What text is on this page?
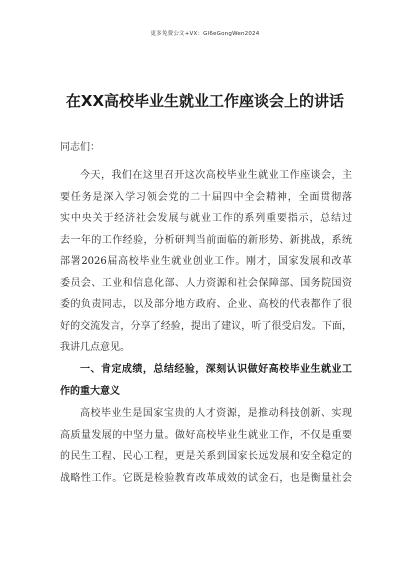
更多免费公文+VX：Gl6eGongWen2024
在XX高校毕业生就业工作座谈会上的讲话
同志们：
今天，我们在这里召开这次高校毕业生就业工作座谈会，主
要任务是深入学习领会党的二十届四中全会精神，全面贯彻落
实中央关于经济社会发展与就业工作的系列重要指示，总结过
去一年的工作经验，分析研判当前面临的新形势、新挑战，系统
部署2026届高校毕业生就业创业工作。刚才，国家发展和改革
委员会、工业和信息化部、人力资源和社会保障部、国务院国资
委的负责同志，以及部分地方政府、企业、高校的代表都作了很
好的交流发言，分享了经验，提出了建议，听了很受启发。下面，
我讲几点意见。
一、肯定成绩，总结经验，深刻认识做好高校毕业生就业工
作的重大意义
高校毕业生是国家宝贵的人才资源，是推动科技创新、实现
高质量发展的中坚力量。做好高校毕业生就业工作，不仅是重要
的民生工程、民心工程，更是关系到国家长远发展和安全稳定的
战略性工作。它既是检验教育改革成效的试金石，也是衡量社会
